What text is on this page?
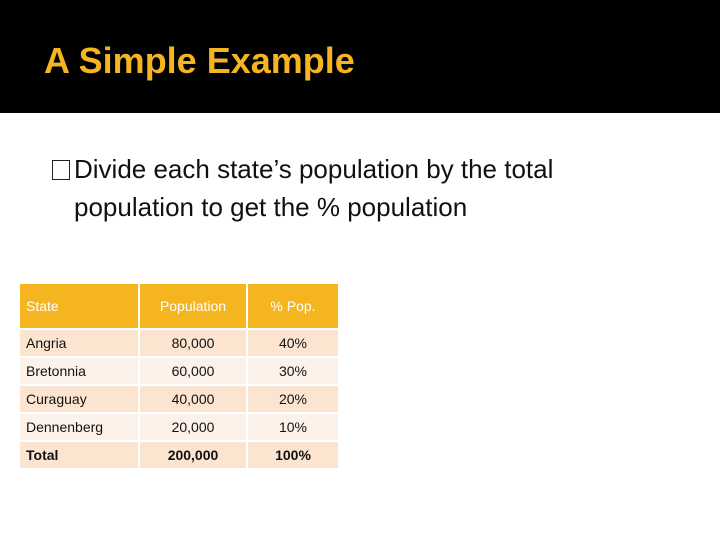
A Simple Example
Divide each state’s population by the total
population to get the % population
State	Population	% Pop.
Angria	80,000	40%
Bretonnia	60,000	30%
Curaguay	40,000	20%
Dennenberg	20,000	10%
Total	200,000	100%
